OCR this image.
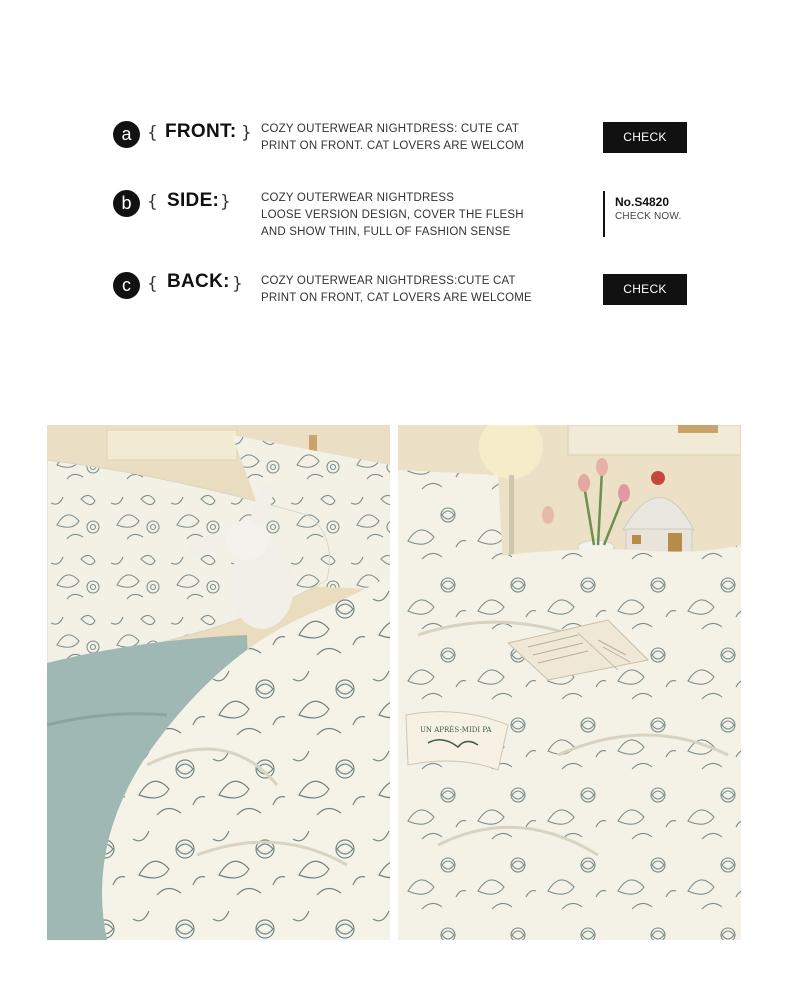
a { FRONT: } COZY OUTERWEAR NIGHTDRESS: CUTE CAT
PRINT ON FRONT. CAT LOVERS ARE WELCOM
CHECK
b { SIDE: }	COZY OUTERWEAR NIGHTDRESS
LOOSE VERSION DESIGN, COVER THE FLESH
AND SHOW THIN, FULL OF FASHION SENSE
No.S4820
CHECK NOW.
c { BACK: } COZY OUTERWEAR NIGHTDRESS:CUTE CAT
PRINT ON FRONT, CAT LOVERS ARE WELCOME
CHECK
UN APRÈS-MIDI PA
